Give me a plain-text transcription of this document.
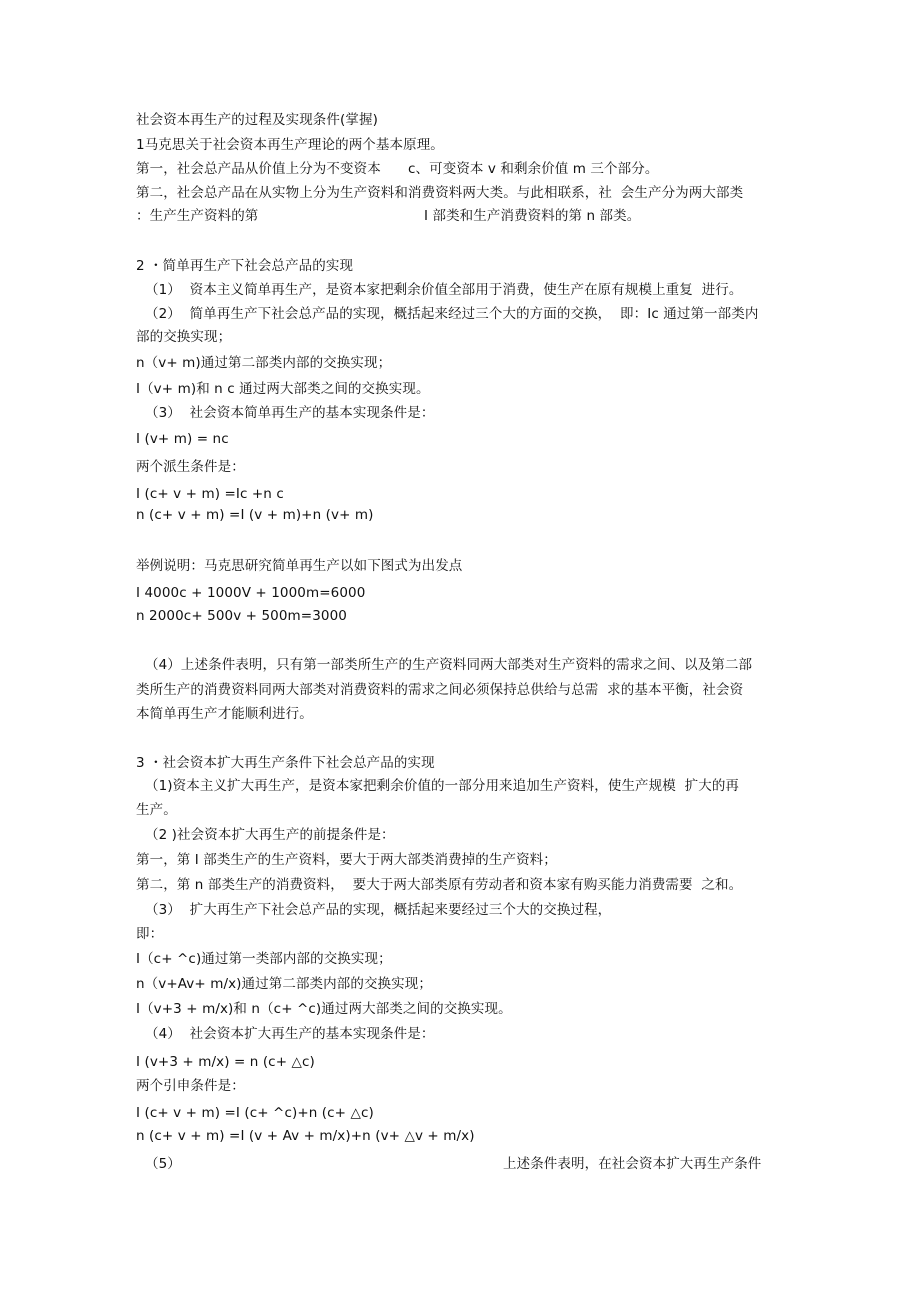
社会资本再生产的过程及实现条件(掌握)
1马克思关于社会资本再生产理论的两个基本原理。
第一，社会总产品从价值上分为不变资本　　c、可变资本 v 和剩余价值 m 三个部分。
第二，社会总产品在从实物上分为生产资料和消费资料两大类。与此相联系，社  会生产分为两大部类
：生产生产资料的第	I 部类和生产消费资料的第 n 部类。
2 ・简单再生产下社会总产品的实现
（1）  资本主义简单再生产，是资本家把剩余价值全部用于消费，使生产在原有规模上重复  进行。
（2）  简单再生产下社会总产品的实现，概括起来经过三个大的方面的交换，  即：Ic 通过第一部类内
部的交换实现；
n（v+ m)通过第二部类内部的交换实现；
I（v+ m)和 n c 通过两大部类之间的交换实现。
（3）  社会资本简单再生产的基本实现条件是：
I (v+ m) = nc
两个派生条件是：
I (c+ v + m) =Ic +n c
n (c+ v + m) =I (v + m)+n (v+ m)
举例说明：马克思研究简单再生产以如下图式为出发点
I 4000c + 1000V + 1000m=6000
n 2000c+ 500v + 500m=3000
（4）上述条件表明，只有第一部类所生产的生产资料同两大部类对生产资料的需求之间、以及第二部
类所生产的消费资料同两大部类对消费资料的需求之间必须保持总供给与总需  求的基本平衡，社会资
本简单再生产才能顺利进行。
3 ・社会资本扩大再生产条件下社会总产品的实现
（1)资本主义扩大再生产，是资本家把剩余价值的一部分用来追加生产资料，使生产规模  扩大的再
生产。
（2 )社会资本扩大再生产的前提条件是：
第一，第 I 部类生产的生产资料，要大于两大部类消费掉的生产资料；
第二，第 n 部类生产的消费资料，  要大于两大部类原有劳动者和资本家有购买能力消费需要  之和。
（3）  扩大再生产下社会总产品的实现，概括起来要经过三个大的交换过程，
即：
I（c+ ^c)通过第一类部内部的交换实现；
n（v+Av+ m/x)通过第二部类内部的交换实现；
I（v+3 + m/x)和 n（c+ ^c)通过两大部类之间的交换实现。
（4）  社会资本扩大再生产的基本实现条件是：
I (v+3 + m/x) = n (c+ △c)
两个引申条件是：
I (c+ v + m) =I (c+ ^c)+n (c+ △c)
n (c+ v + m) =I (v + Av + m/x)+n (v+ △v + m/x)
（5）	上述条件表明，在社会资本扩大再生产条件
